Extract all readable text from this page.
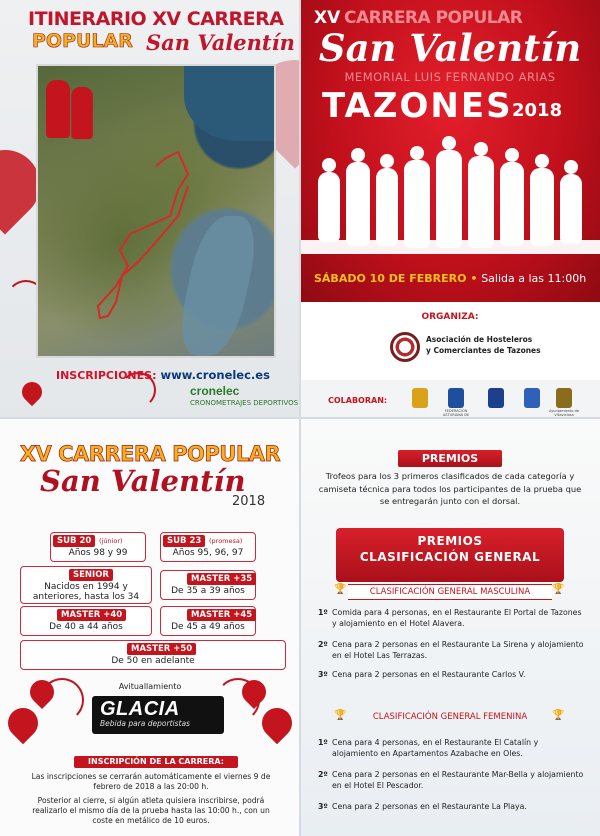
ITINERARIO XV CARRERA
POPULAR San Valentín
INSCRIPCIONES: www.cronelec.es
cronelec
CRONOMETRAJES DEPORTIVOS
XV CARRERA POPULAR
San Valentín
MEMORIAL LUIS FERNANDO ARIAS
TAZONES 2018
SÁBADO 10 DE FEBRERO • Salida a las 11:00h
ORGANIZA:
Asociación de Hosteleros
y Comerciantes de Tazones
COLABORAN:
FEDERACIÓN ASTURIANA DE
Ayuntamiento de Villaviciosa
XV CARRERA POPULAR
San Valentín
2018
SUB 20	(júnior)
Años 98 y 99
SUB 23	(promesa)
Años 95, 96, 97
SENIOR
Nacidos en 1994 y anteriores, hasta los 34
MASTER +35
De 35 a 39 años
MASTER +40
De 40 a 44 años
MASTER +45
De 45 a 49 años
MASTER +50
De 50 en adelante
Avituallamiento
GLACIA
Bebida para deportistas
INSCRIPCIÓN DE LA CARRERA:
Las inscripciones se cerrarán automáticamente el viernes 9 de febrero de 2018 a las 20:00 h.
Posterior al cierre, si algún atleta quisiera inscribirse, podrá realizarlo el mismo día de la prueba hasta las 10:00 h., con un coste en metálico de 10 euros.
PREMIOS
Trofeos para los 3 primeros clasificados de cada categoría y camiseta técnica para todos los participantes de la prueba que se entregarán junto con el dorsal.
PREMIOS
CLASIFICACIÓN GENERAL
🏆	🏆
CLASIFICACIÓN GENERAL MASCULINA
1º Comida para 4 personas, en el Restaurante El Portal de Tazones y alojamiento en el Hotel Alavera.
2º Cena para 2 personas en el Restaurante La Sirena y alojamiento en el Hotel Las Terrazas.
3º Cena para 2 personas en el Restaurante Carlos V.
🏆	🏆
CLASIFICACIÓN GENERAL FEMENINA
1º Cena para 4 personas, en el Restaurante El Catalín y alojamiento en Apartamentos Azabache en Oles.
2º Cena para 2 personas en el Restaurante Mar-Bella y alojamiento en el Hotel El Pescador.
3º Cena para 2 personas en el Restaurante La Playa.
